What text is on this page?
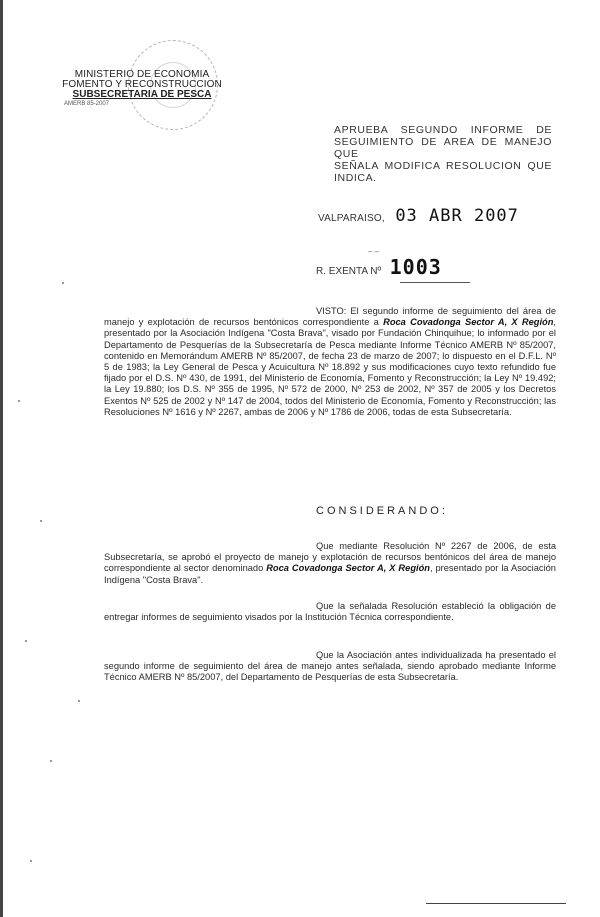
MINISTERIO DE ECONOMIA
FOMENTO Y RECONSTRUCCION
SUBSECRETARIA DE PESCA
AMERB 85-2007
APRUEBA SEGUNDO INFORME DE
SEGUIMIENTO DE AREA DE MANEJO QUE
SEÑALA MODIFICA RESOLUCION QUE
INDICA.
VALPARAISO, 03 ABR 2007
– –
R. EXENTA Nº 1003

VISTO: El segundo informe de seguimiento del área de manejo y explotación de recursos bentónicos correspondiente a Roca Covadonga Sector A, X Región, presentado por la Asociación Indígena "Costa Brava", visado por Fundación Chinquihue; lo informado por el Departamento de Pesquerías de la Subsecretaría de Pesca mediante Informe Técnico AMERB Nº 85/2007, contenido en Memorándum AMERB Nº 85/2007, de fecha 23 de marzo de 2007; lo dispuesto en el D.F.L. Nº 5 de 1983; la Ley General de Pesca y Acuicultura Nº 18.892 y sus modificaciones cuyo texto refundido fue fijado por el D.S. Nº 430, de 1991, del Ministerio de Economía, Fomento y Reconstrucción; la Ley Nº 19.492; la Ley 19.880; los D.S. Nº 355 de 1995, Nº 572 de 2000, Nº 253 de 2002, Nº 357 de 2005 y los Decretos Exentos Nº 525 de 2002 y Nº 147 de 2004, todos del Ministerio de Economía, Fomento y Reconstrucción; las Resoluciones Nº 1616 y Nº 2267, ambas de 2006 y Nº 1786 de 2006, todas de esta Subsecretaría.

CONSIDERANDO:

Que mediante Resolución Nº 2267 de 2006, de esta Subsecretaría, se aprobó el proyecto de manejo y explotación de recursos bentónicos del área de manejo correspondiente al sector denominado Roca Covadonga Sector A, X Región, presentado por la Asociación Indígena "Costa Brava".

Que la señalada Resolución estableció la obligación de entregar informes de seguimiento visados por la Institución Técnica correspondiente.

Que la Asociación antes individualizada ha presentado el segundo informe de seguimiento del área de manejo antes señalada, siendo aprobado mediante Informe Técnico AMERB Nº 85/2007, del Departamento de Pesquerías de esta Subsecretaría.
